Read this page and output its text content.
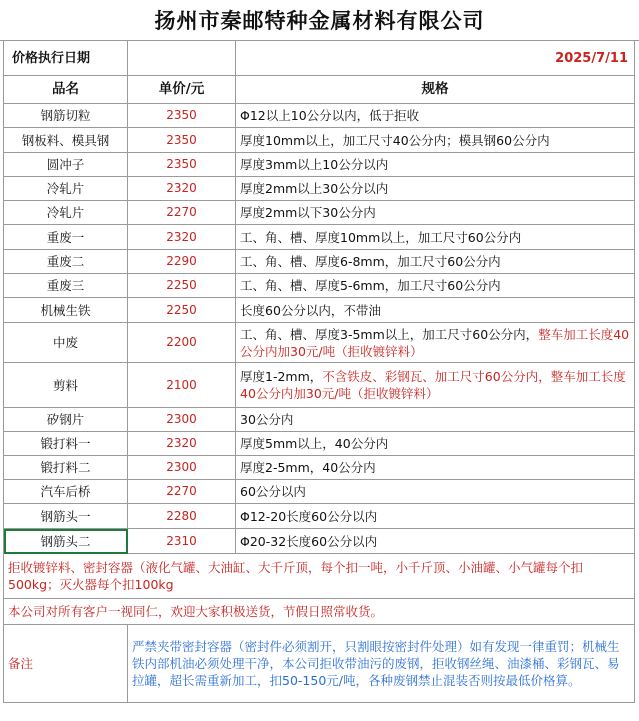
扬州市秦邮特种金属材料有限公司
价格执行日期		2025/7/11
品名	单价/元	规格
钢筋切粒	2350	Φ12以上10公分以内，低于拒收
钢板料、模具钢	2350	厚度10mm以上，加工尺寸40公分内；模具钢60公分内
圆冲子	2350	厚度3mm以上10公分以内
冷轧片	2320	厚度2mm以上30公分以内
冷轧片	2270	厚度2mm以下30公分内
重废一	2320	工、角、槽、厚度10mm以上，加工尺寸60公分内
重废二	2290	工、角、槽、厚度6-8mm，加工尺寸60公分内
重废三	2250	工、角、槽、厚度5-6mm，加工尺寸60公分内
机械生铁	2250	长度60公分以内，不带油
中废	2200	工、角、槽、厚度3-5mm以上，加工尺寸60公分内，整车加工长度40公分内加30元/吨（拒收镀锌料）
剪料	2100	厚度1-2mm，不含铁皮、彩钢瓦、加工尺寸60公分内，整车加工长度40公分内加30元/吨（拒收镀锌料）
矽钢片	2300	30公分内
锻打料一	2320	厚度5mm以上，40公分内
锻打料二	2300	厚度2-5mm，40公分内
汽车后桥	2270	60公分以内
钢筋头一	2280	Φ12-20长度60公分以内
钢筋头二	2310	Φ20-32长度60公分以内
拒收镀锌料、密封容器（液化气罐、大油缸、大千斤顶，每个扣一吨，小千斤顶、小油罐、小气罐每个扣500kg；灭火器每个扣100kg		
本公司对所有客户一视同仁，欢迎大家积极送货，节假日照常收货。		
备注	严禁夹带密封容器（密封件必须割开，只割眼按密封件处理）如有发现一律重罚；机械生铁内部机油必须处理干净，本公司拒收带油污的废钢，拒收钢丝绳、油漆桶、彩钢瓦、易拉罐，超长需重新加工，扣50-150元/吨，各种废钢禁止混装否则按最低价格算。	
